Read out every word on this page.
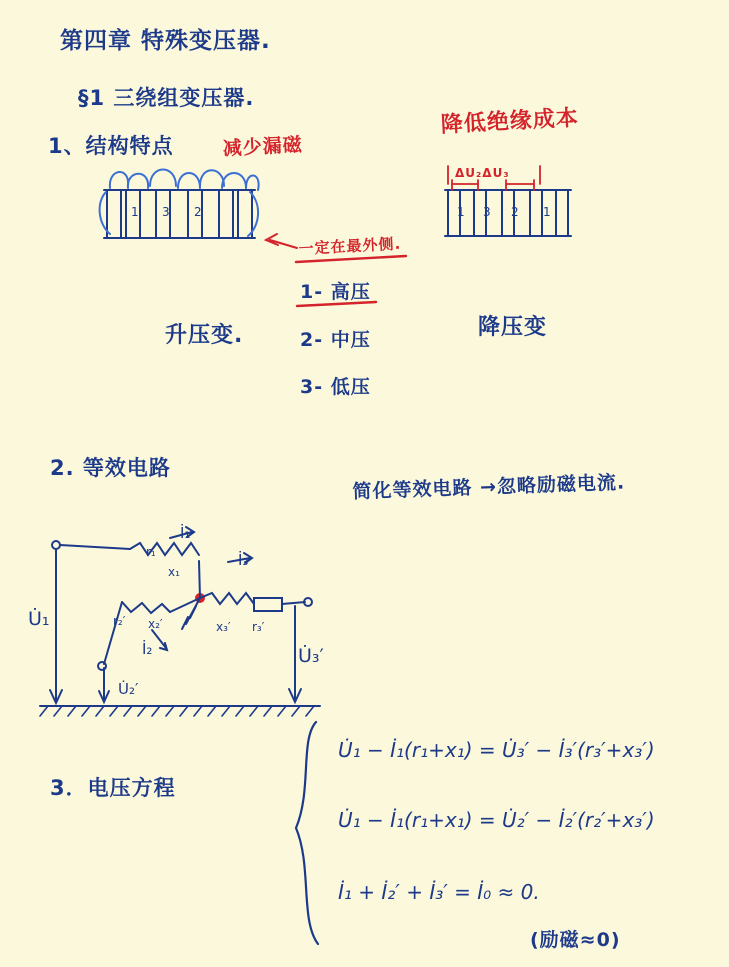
第四章 特殊变压器.
§1 三绕组变压器.
1、结构特点	减少漏磁
降低绝缘成本
ΔU₂ΔU₃
一定在最外侧.
1- 高压
2- 中压
3- 低压
升压变.	降压变
2. 等效电路
简化等效电路 →忽略励磁电流.
3．电压方程
U̇₁ − İ₁(r₁+x₁) = U̇₃′ − İ₃′(r₃′+x₃′)
U̇₁ − İ₁(r₁+x₁) = U̇₂′ − İ₂′(r₂′+x₃′)
İ₁ + İ₂′ + İ₃′ = İ₀ ≈ 0.
(励磁≈0)
İ₁
İ₃
İ₂
U̇₁
U̇₂′
U̇₃′
r₁
x₁
r₂′ x₂′	x₃′ r₃′
1 3 2	1 3 2 1
